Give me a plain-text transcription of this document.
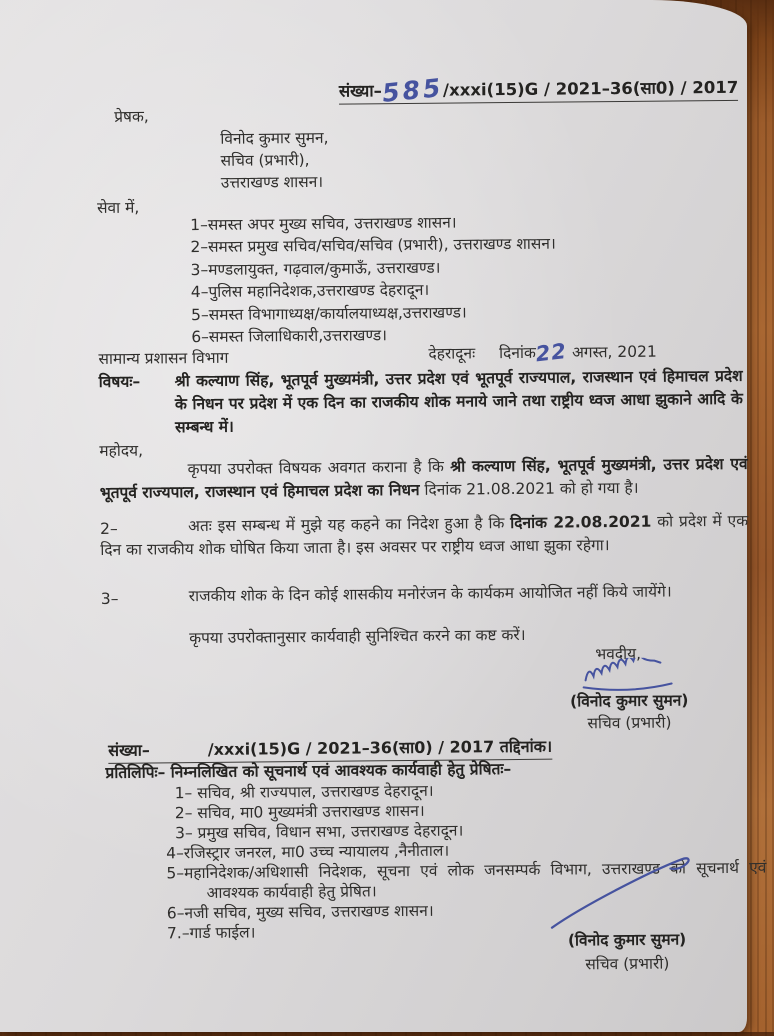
संख्या–585/xxxi(15)G / 2021–36(सा0) / 2017
प्रेषक,
विनोद कुमार सुमन,
सचिव (प्रभारी),
उत्तराखण्ड शासन।
सेवा में,
1–समस्त अपर मुख्य सचिव, उत्तराखण्ड शासन।
2–समस्त प्रमुख सचिव/सचिव/सचिव (प्रभारी), उत्तराखण्ड शासन।
3–मण्डलायुक्त, गढ़वाल/कुमाऊँ, उत्तराखण्ड।
4–पुलिस महानिदेशक,उत्तराखण्ड देहरादून।
5–समस्त विभागाध्यक्ष/कार्यालयाध्यक्ष,उत्तराखण्ड।
6–समस्त जिलाधिकारी,उत्तराखण्ड।
सामान्य प्रशासन विभाग	देहरादूनः दिनांक22 अगस्त, 2021
विषयः– श्री कल्याण सिंह, भूतपूर्व मुख्यमंत्री, उत्तर प्रदेश एवं भूतपूर्व राज्यपाल, राजस्थान एवं हिमाचल प्रदेश के निधन पर प्रदेश में एक दिन का राजकीय शोक मनाये जाने तथा राष्ट्रीय ध्वज आधा झुकाने आदि के सम्बन्ध में।
महोदय,
कृपया उपरोक्त विषयक अवगत कराना है कि श्री कल्याण सिंह, भूतपूर्व मुख्यमंत्री, उत्तर प्रदेश एवं भूतपूर्व राज्यपाल, राजस्थान एवं हिमाचल प्रदेश का निधन दिनांक 21.08.2021 को हो गया है।
2–	अतः इस सम्बन्ध में मुझे यह कहने का निदेश हुआ है कि दिनांक 22.08.2021 को प्रदेश में एक दिन का राजकीय शोक घोषित किया जाता है। इस अवसर पर राष्ट्रीय ध्वज आधा झुका रहेगा।
3–	राजकीय शोक के दिन कोई शासकीय मनोरंजन के कार्यकम आयोजित नहीं किये जायेंगे।
कृपया उपरोक्तानुसार कार्यवाही सुनिश्चित करने का कष्ट करें।
भवदीय,
(विनोद कुमार सुमन)
सचिव (प्रभारी)
संख्या–	/xxxi(15)G / 2021–36(सा0) / 2017 तद्दिनांक।
प्रतिलिपिः– निम्नलिखित को सूचनार्थ एवं आवश्यक कार्यवाही हेतु प्रेषितः–
1– सचिव, श्री राज्यपाल, उत्तराखण्ड देहरादून।
2– सचिव, मा0 मुख्यमंत्री उत्तराखण्ड शासन।
3– प्रमुख सचिव, विधान सभा, उत्तराखण्ड देहरादून।
4–रजिस्ट्रार जनरल, मा0 उच्च न्यायालय ,नैनीताल।
5–महानिदेशक/अधिशासी निदेशक, सूचना एवं लोक जनसम्पर्क विभाग, उत्तराखण्ड को सूचनार्थ एवं आवश्यक कार्यवाही हेतु प्रेषित।
6–नजी सचिव, मुख्य सचिव, उत्तराखण्ड शासन।
7.–गार्ड फाईल।	(विनोद कुमार सुमन)
सचिव (प्रभारी)
